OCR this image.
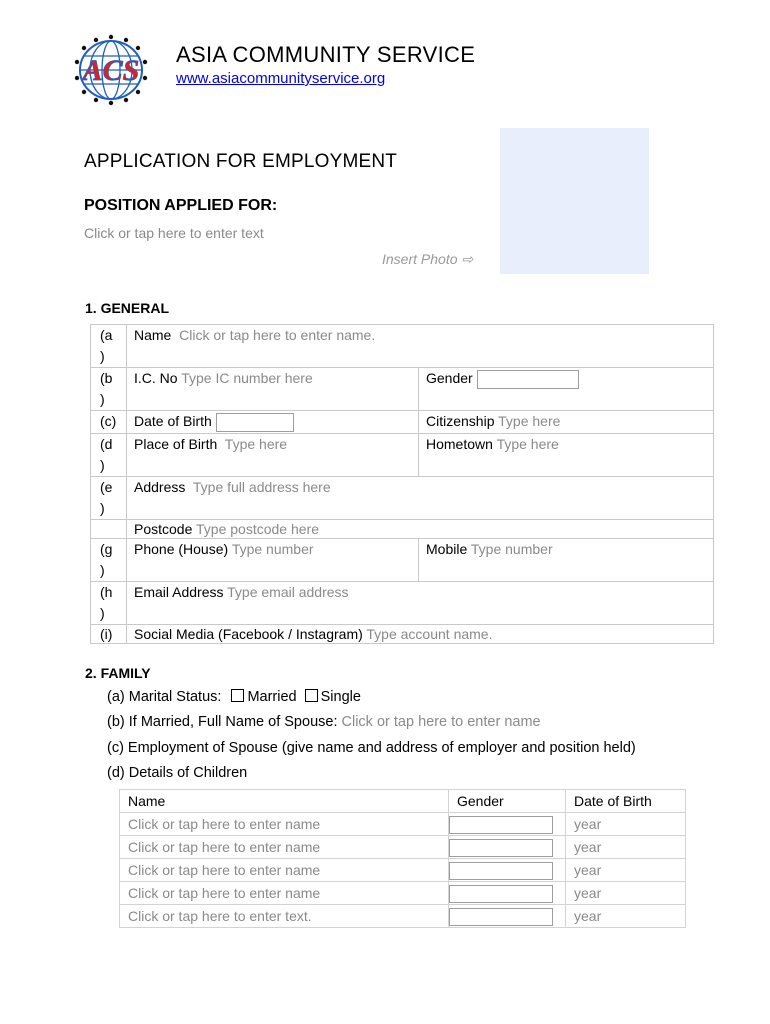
ACS ASIA COMMUNITY SERVICE
www.asiacommunityservice.org
APPLICATION FOR EMPLOYMENT
POSITION APPLIED FOR:
Click or tap here to enter text
Insert Photo ⇨
1. GENERAL
(a
)	Name Click or tap here to enter name.	
(b
)	I.C. No Type IC number here	Gender
(c)	Date of Birth	Citizenship Type here
(d
)	Place of Birth Type here	Hometown Type here
(e
)	Address Type full address here	
	Postcode Type postcode here	
(g
)	Phone (House) Type number	Mobile Type number
(h
)	Email Address Type email address	
(i)	Social Media (Facebook / Instagram) Type account name.	
2. FAMILY
(a) Marital Status: Married Single
(b) If Married, Full Name of Spouse: Click or tap here to enter name
(c) Employment of Spouse (give name and address of employer and position held)
(d) Details of Children
Name	Gender	Date of Birth
Click or tap here to enter name		year
Click or tap here to enter name		year
Click or tap here to enter name		year
Click or tap here to enter name		year
Click or tap here to enter text.		year
